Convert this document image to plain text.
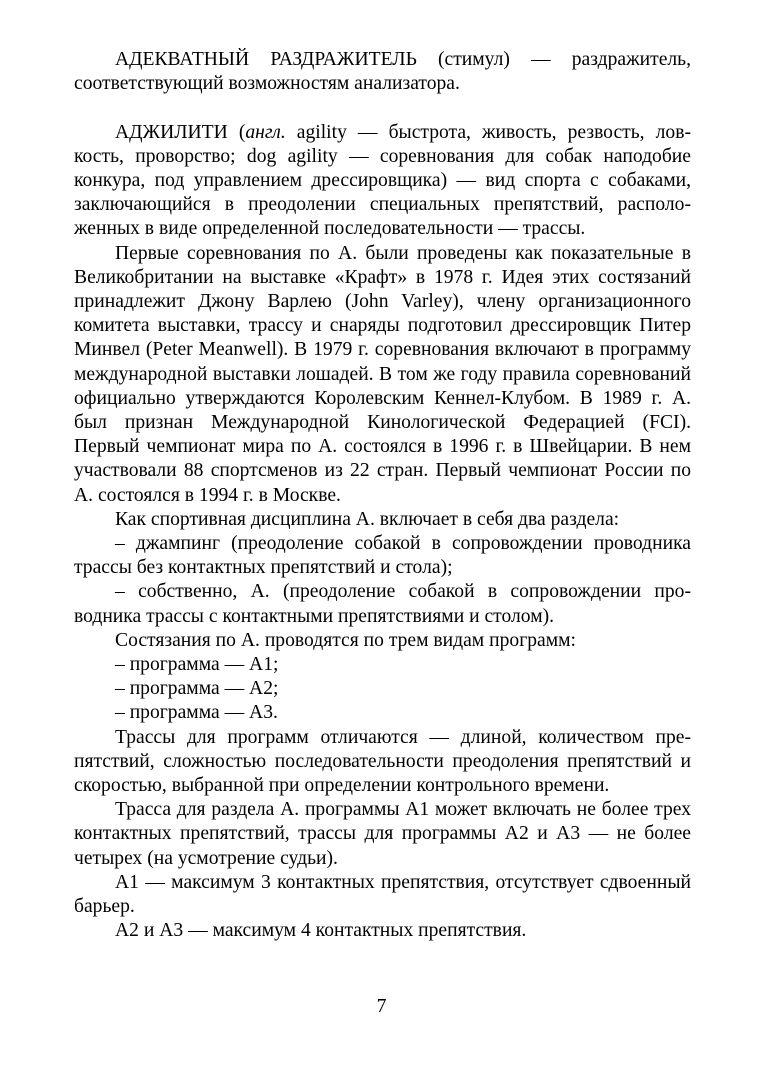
АДЕКВАТНЫЙ РАЗДРАЖИТЕЛЬ (стимул) — раздражитель, соответствующий возможностям анализатора.

АДЖИЛИТИ (англ. agility — быстрота, живость, резвость, ловкость, проворство; dog agility — соревнования для собак наподобие конкура, под управлением дрессировщика) — вид спорта с собаками, заключающийся в преодолении специальных препятствий, расположенных в виде определенной последовательности — трассы.

Первые соревнования по А. были проведены как показательные в Великобритании на выставке «Крафт» в 1978 г. Идея этих состязаний принадлежит Джону Варлею (John Varley), члену организационного комитета выставки, трассу и снаряды подготовил дрессировщик Питер Минвел (Peter Meanwell). В 1979 г. соревнования включают в программу международной выставки лошадей. В том же году правила соревнований официально утверждаются Королевским Кеннел-Клубом. В 1989 г. А. был признан Международной Кинологической Федерацией (FCI). Первый чемпионат мира по А. состоялся в 1996 г. в Швейцарии. В нем участвовали 88 спортсменов из 22 стран. Первый чемпионат России по А. состоялся в 1994 г. в Москве.

Как спортивная дисциплина А. включает в себя два раздела:

– джампинг (преодоление собакой в сопровождении проводника трассы без контактных препятствий и стола);

– собственно, А. (преодоление собакой в сопровождении проводника трассы с контактными препятствиями и столом).

Состязания по А. проводятся по трем видам программ:

– программа — А1;

– программа — А2;

– программа — А3.

Трассы для программ отличаются — длиной, количеством препятствий, сложностью последовательности преодоления препятствий и скоростью, выбранной при определении контрольного времени.

Трасса для раздела А. программы А1 может включать не более трех контактных препятствий, трассы для программы А2 и А3 — не более четырех (на усмотрение судьи).

А1 — максимум 3 контактных препятствия, отсутствует сдвоенный барьер.

А2 и А3 — максимум 4 контактных препятствия.

7
